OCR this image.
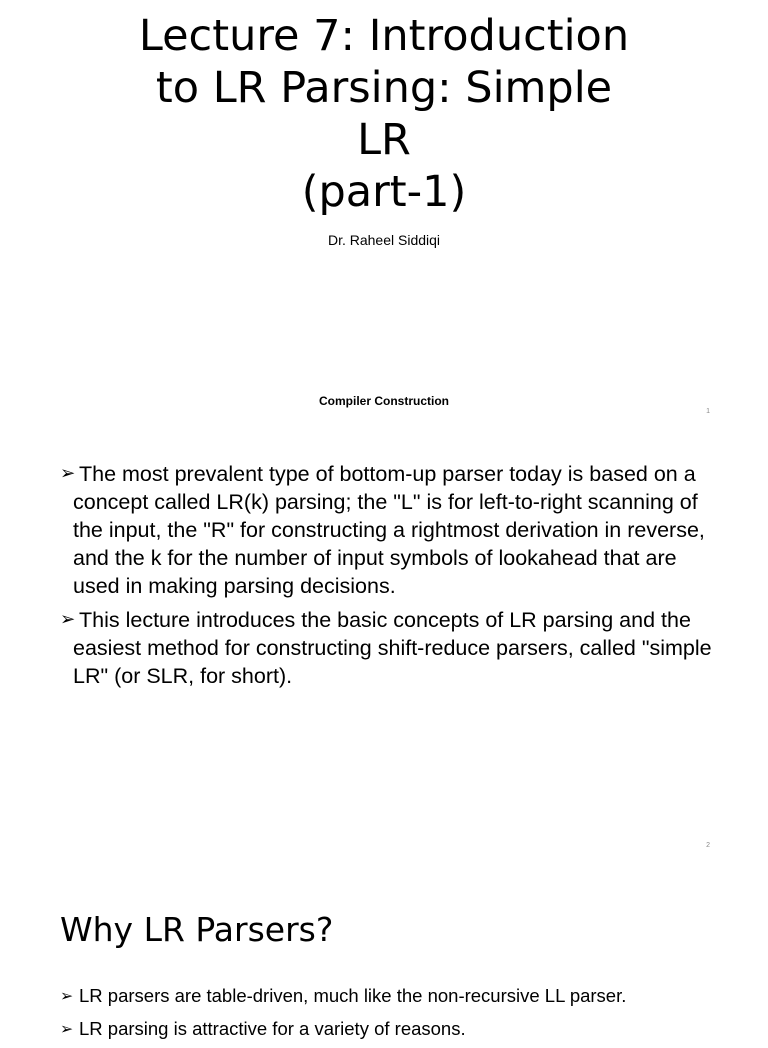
Lecture 7: Introduction
to LR Parsing: Simple
LR
(part-1)
Dr. Raheel Siddiqi
Compiler Construction
1
➢ The most prevalent type of bottom-up parser today is based on a concept called LR(k) parsing; the "L" is for left-to-right scanning of the input, the "R" for constructing a rightmost derivation in reverse, and the k for the number of input symbols of lookahead that are used in making parsing decisions.
➢ This lecture introduces the basic concepts of LR parsing and the easiest method for constructing shift-reduce parsers, called "simple LR" (or SLR, for short).
2
Why LR Parsers?
➢ LR parsers are table-driven, much like the non-recursive LL parser.
➢ LR parsing is attractive for a variety of reasons.
